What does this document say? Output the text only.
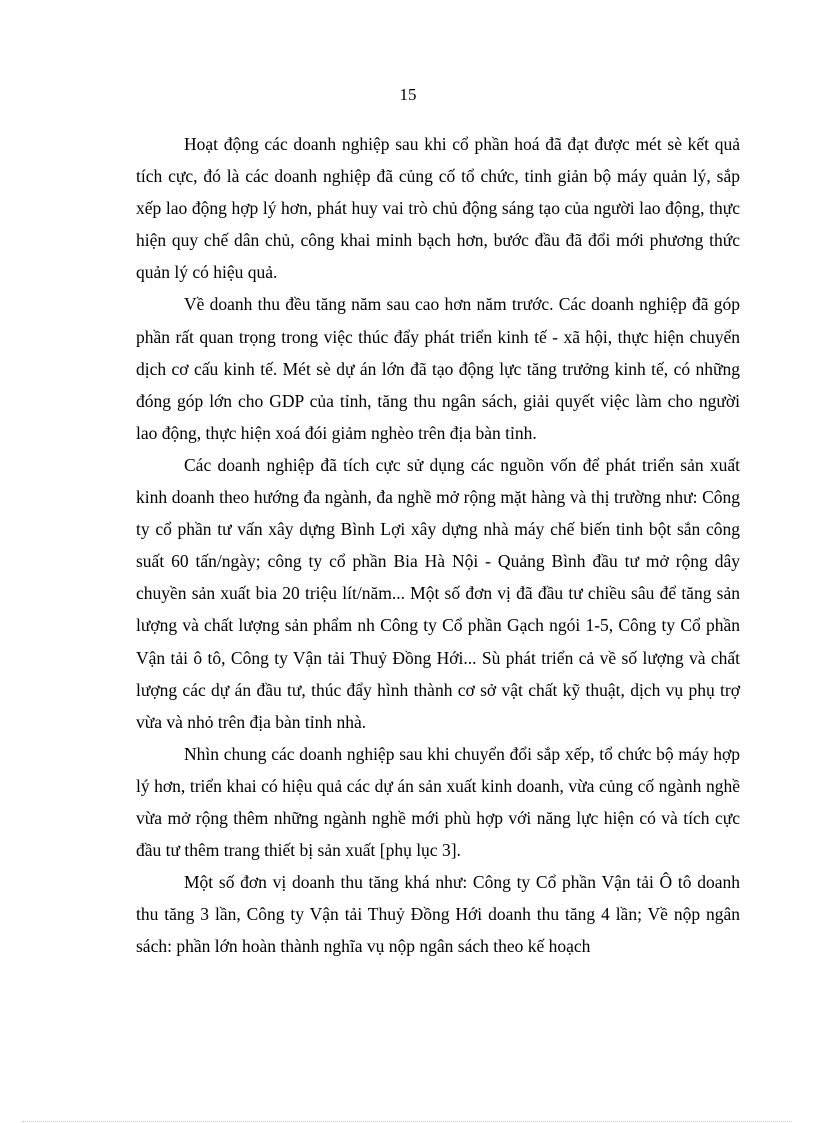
15

Hoạt động các doanh nghiệp sau khi cổ phần hoá đã đạt được mét sè kết quả tích cực, đó là các doanh nghiệp đã củng cố tổ chức, tinh giản bộ máy quản lý, sắp xếp lao động hợp lý hơn, phát huy vai trò chủ động sáng tạo của người lao động, thực hiện quy chế dân chủ, công khai minh bạch hơn, bước đầu đã đổi mới phương thức quản lý có hiệu quả.

Về doanh thu đều tăng năm sau cao hơn năm trước. Các doanh nghiệp đã góp phần rất quan trọng trong việc thúc đẩy phát triển kinh tế - xã hội, thực hiện chuyển dịch cơ cấu kinh tế. Mét sè dự án lớn đã tạo động lực tăng trưởng kinh tế, có những đóng góp lớn cho GDP của tỉnh, tăng thu ngân sách, giải quyết việc làm cho người lao động, thực hiện xoá đói giảm nghèo trên địa bàn tỉnh.

Các doanh nghiệp đã tích cực sử dụng các nguồn vốn để phát triển sản xuất kinh doanh theo hướng đa ngành, đa nghề mở rộng mặt hàng và thị trường như: Công ty cổ phần tư vấn xây dựng Bình Lợi xây dựng nhà máy chế biến tinh bột sắn công suất 60 tấn/ngày; công ty cổ phần Bia Hà Nội - Quảng Bình đầu tư mở rộng dây chuyền sản xuất bia 20 triệu lít/năm... Một số đơn vị đã đầu tư chiều sâu để tăng sản lượng và chất lượng sản phẩm nh Công ty Cổ phần Gạch ngói 1-5, Công ty Cổ phần Vận tải ô tô, Công ty Vận tải Thuỷ Đồng Hới... Sù phát triển cả về số lượng và chất lượng các dự án đầu tư, thúc đẩy hình thành cơ sở vật chất kỹ thuật, dịch vụ phụ trợ vừa và nhỏ trên địa bàn tỉnh nhà.

Nhìn chung các doanh nghiệp sau khi chuyển đổi sắp xếp, tổ chức bộ máy hợp lý hơn, triển khai có hiệu quả các dự án sản xuất kinh doanh, vừa củng cố ngành nghề vừa mở rộng thêm những ngành nghề mới phù hợp với năng lực hiện có và tích cực đầu tư thêm trang thiết bị sản xuất [phụ lục 3].

Một số đơn vị doanh thu tăng khá như: Công ty Cổ phần Vận tải Ô tô doanh thu tăng 3 lần, Công ty Vận tải Thuỷ Đồng Hới doanh thu tăng 4 lần; Về nộp ngân sách: phần lớn hoàn thành nghĩa vụ nộp ngân sách theo kế hoạch
